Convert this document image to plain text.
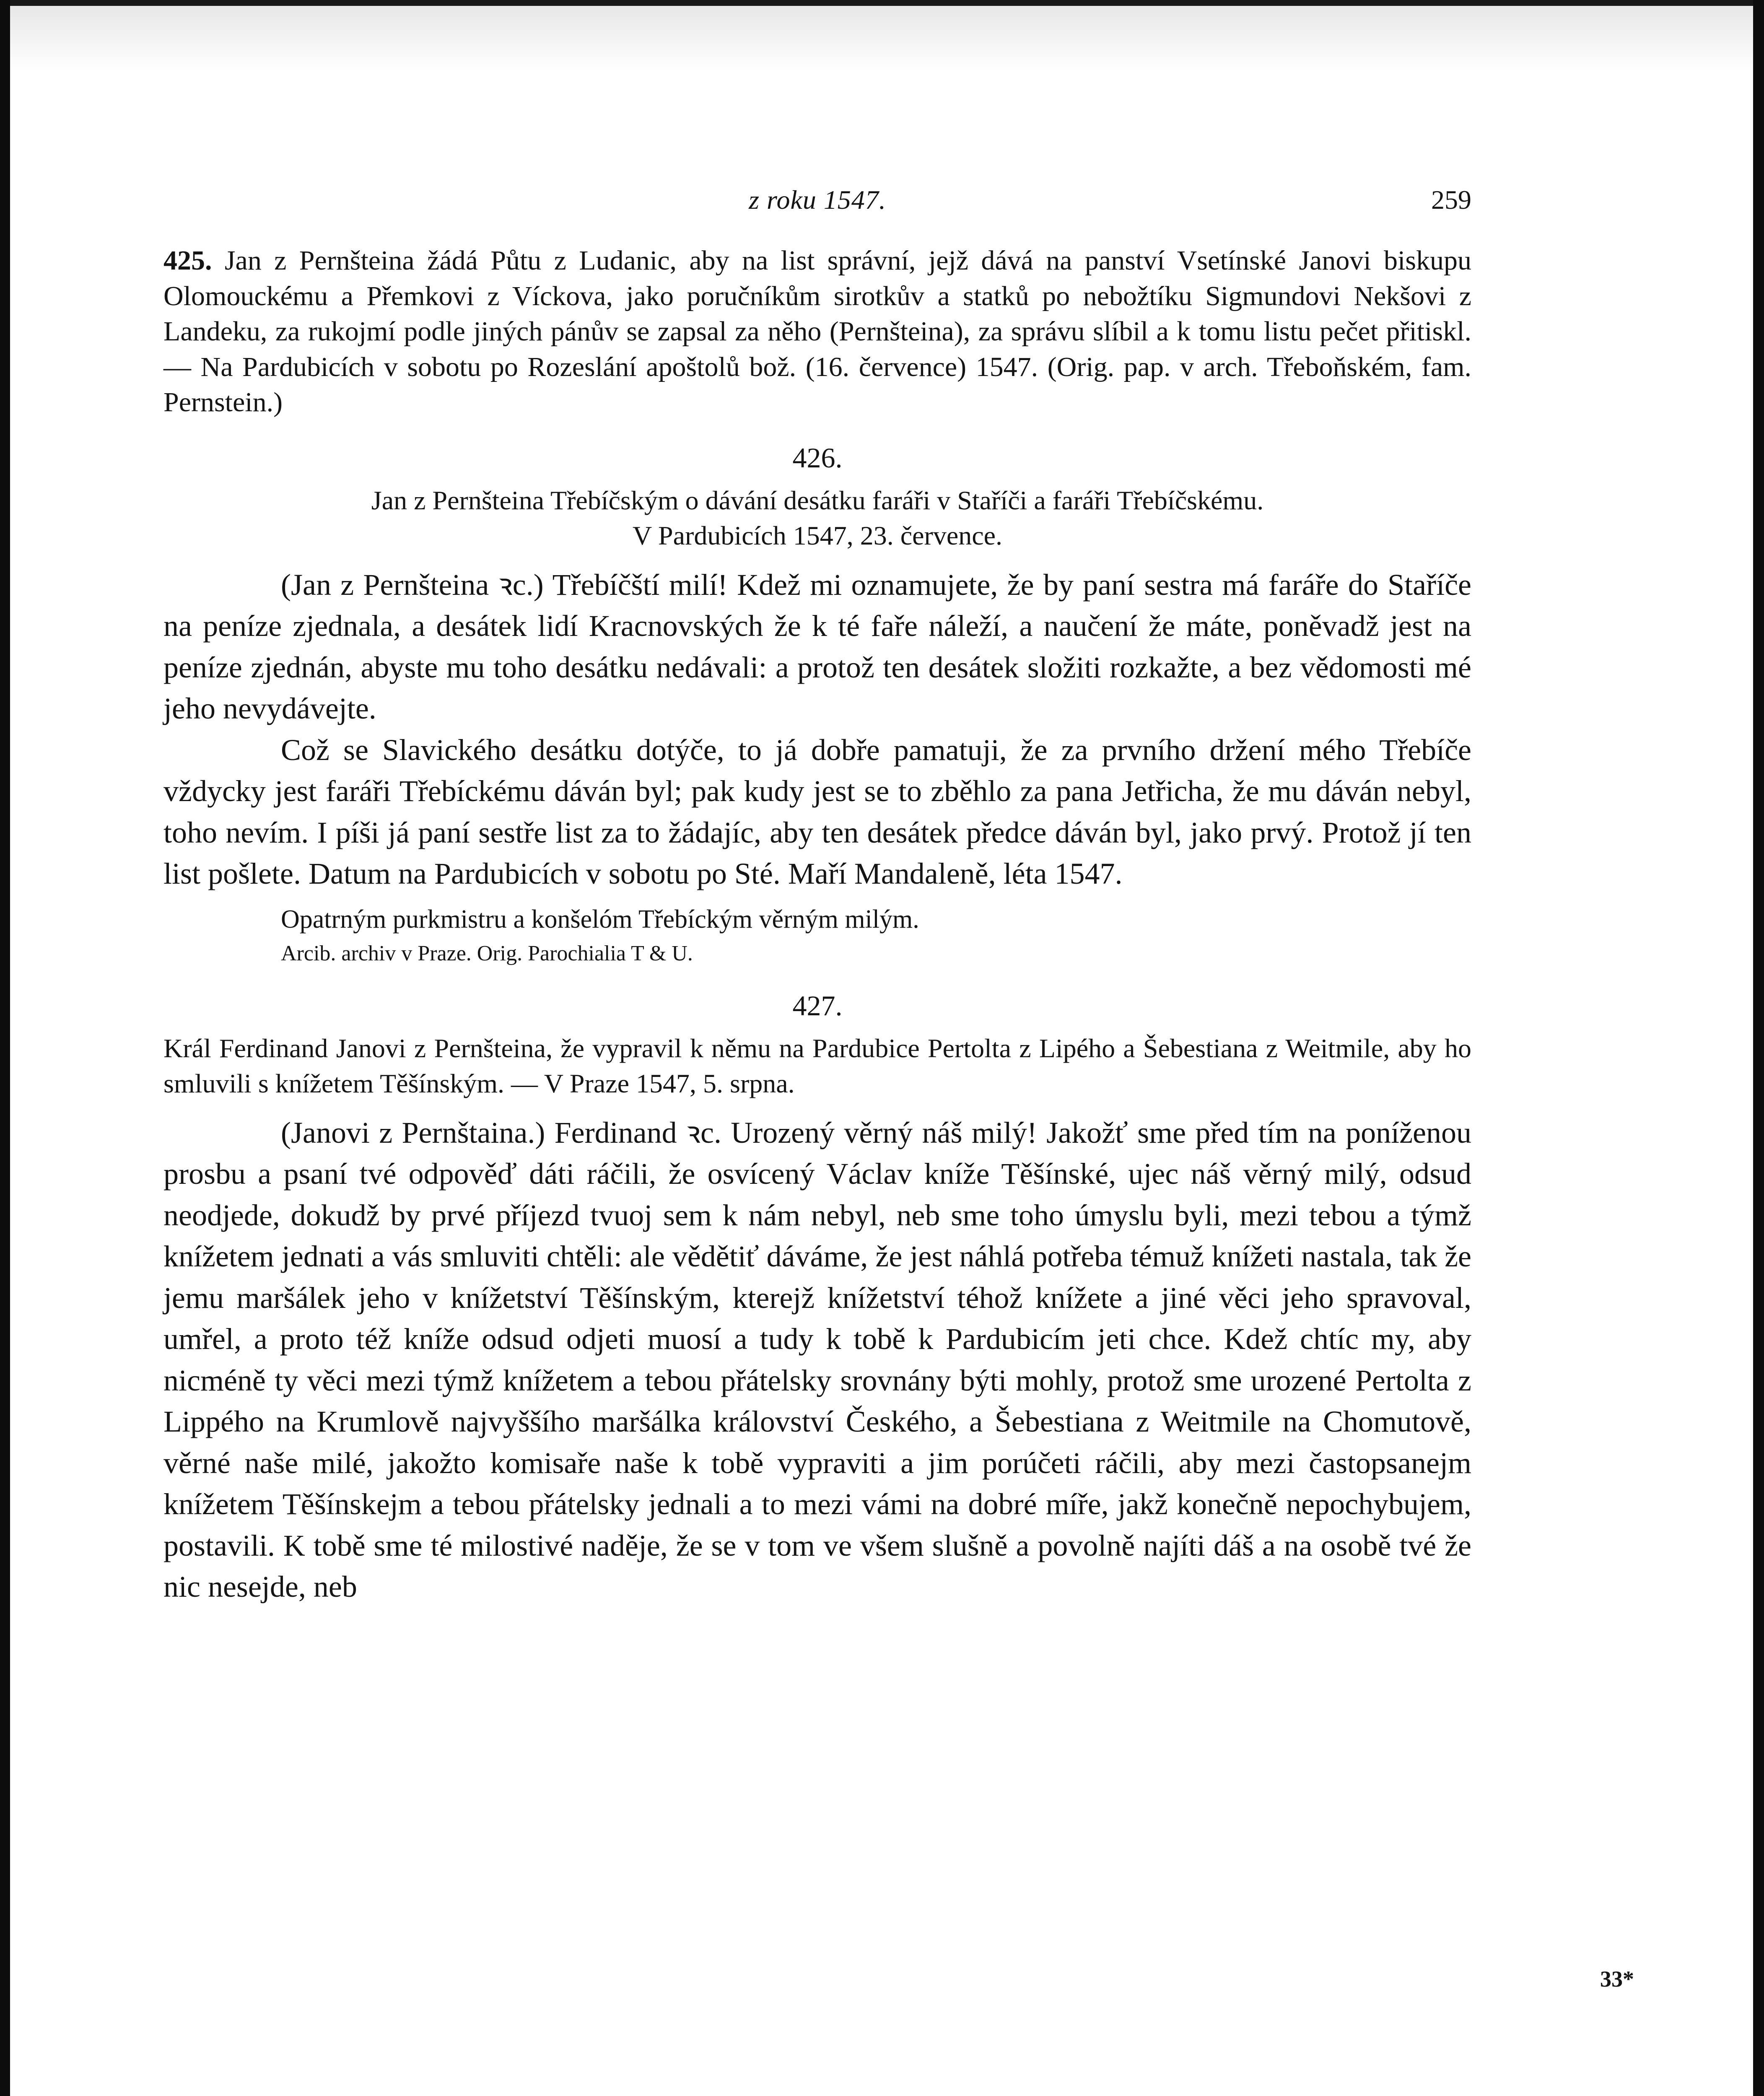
z roku 1547.	259

425. Jan z Pernšteina žádá Půtu z Ludanic, aby na list správní, jejž dává na panství Vsetínské Janovi biskupu Olomouckému a Přemkovi z Víckova, jako poručníkům sirotkův a statků po nebožtíku Sigmundovi Nekšovi z Landeku, za rukojmí podle jiných pánův se zapsal za něho (Pernšteina), za správu slíbil a k tomu listu pečet přitiskl. — Na Pardubicích v sobotu po Rozeslání apoštolů bož. (16. července) 1547. (Orig. pap. v arch. Třeboňském, fam. Pernstein.)

426.

Jan z Pernšteina Třebíčským o dávání desátku faráři v Staříči a faráři Třebíčskému.
V Pardubicích 1547, 23. července.

(Jan z Pernšteina ꝛc.) Třebíčští milí! Kdež mi oznamujete, že by paní sestra má faráře do Staříče na peníze zjednala, a desátek lidí Kracnovských že k té faře náleží, a naučení že máte, poněvadž jest na peníze zjednán, abyste mu toho desátku nedávali: a protož ten desátek složiti rozkažte, a bez vědomosti mé jeho nevydávejte.

Což se Slavického desátku dotýče, to já dobře pamatuji, že za prvního držení mého Třebíče vždycky jest faráři Třebíckému dáván byl; pak kudy jest se to zběhlo za pana Jetřicha, že mu dáván nebyl, toho nevím. I píši já paní sestře list za to žádajíc, aby ten desátek předce dáván byl, jako prvý. Protož jí ten list pošlete. Datum na Pardubicích v sobotu po Sté. Maří Mandaleně, léta 1547.

Opatrným purkmistru a konšelóm Třebíckým věrným milým.

Arcib. archiv v Praze. Orig. Parochialia T & U.

427.

Král Ferdinand Janovi z Pernšteina, že vypravil k němu na Pardubice Pertolta z Lipého a Šebestiana z Weitmile, aby ho smluvili s knížetem Těšínským. — V Praze 1547, 5. srpna.

(Janovi z Pernštaina.) Ferdinand ꝛc. Urozený věrný náš milý! Jakožť sme před tím na poníženou prosbu a psaní tvé odpověď dáti ráčili, že osvícený Václav kníže Těšínské, ujec náš věrný milý, odsud neodjede, dokudž by prvé příjezd tvuoj sem k nám nebyl, neb sme toho úmyslu byli, mezi tebou a týmž knížetem jednati a vás smluviti chtěli: ale vědětiť dáváme, že jest náhlá potřeba témuž knížeti nastala, tak že jemu maršálek jeho v knížetství Těšínským, kterejž knížetství téhož knížete a jiné věci jeho spravoval, umřel, a proto též kníže odsud odjeti muosí a tudy k tobě k Pardubicím jeti chce. Kdež chtíc my, aby nicméně ty věci mezi týmž knížetem a tebou přátelsky srovnány býti mohly, protož sme urozené Pertolta z Lippého na Krumlově najvyššího maršálka království Českého, a Šebestiana z Weitmile na Chomutově, věrné naše milé, jakožto komisaře naše k tobě vypraviti a jim porúčeti ráčili, aby mezi častopsanejm knížetem Těšínskejm a tebou přátelsky jednali a to mezi vámi na dobré míře, jakž konečně nepochybujem, postavili. K tobě sme té milostivé naděje, že se v tom ve všem slušně a povolně najíti dáš a na osobě tvé že nic nesejde, neb

33*
